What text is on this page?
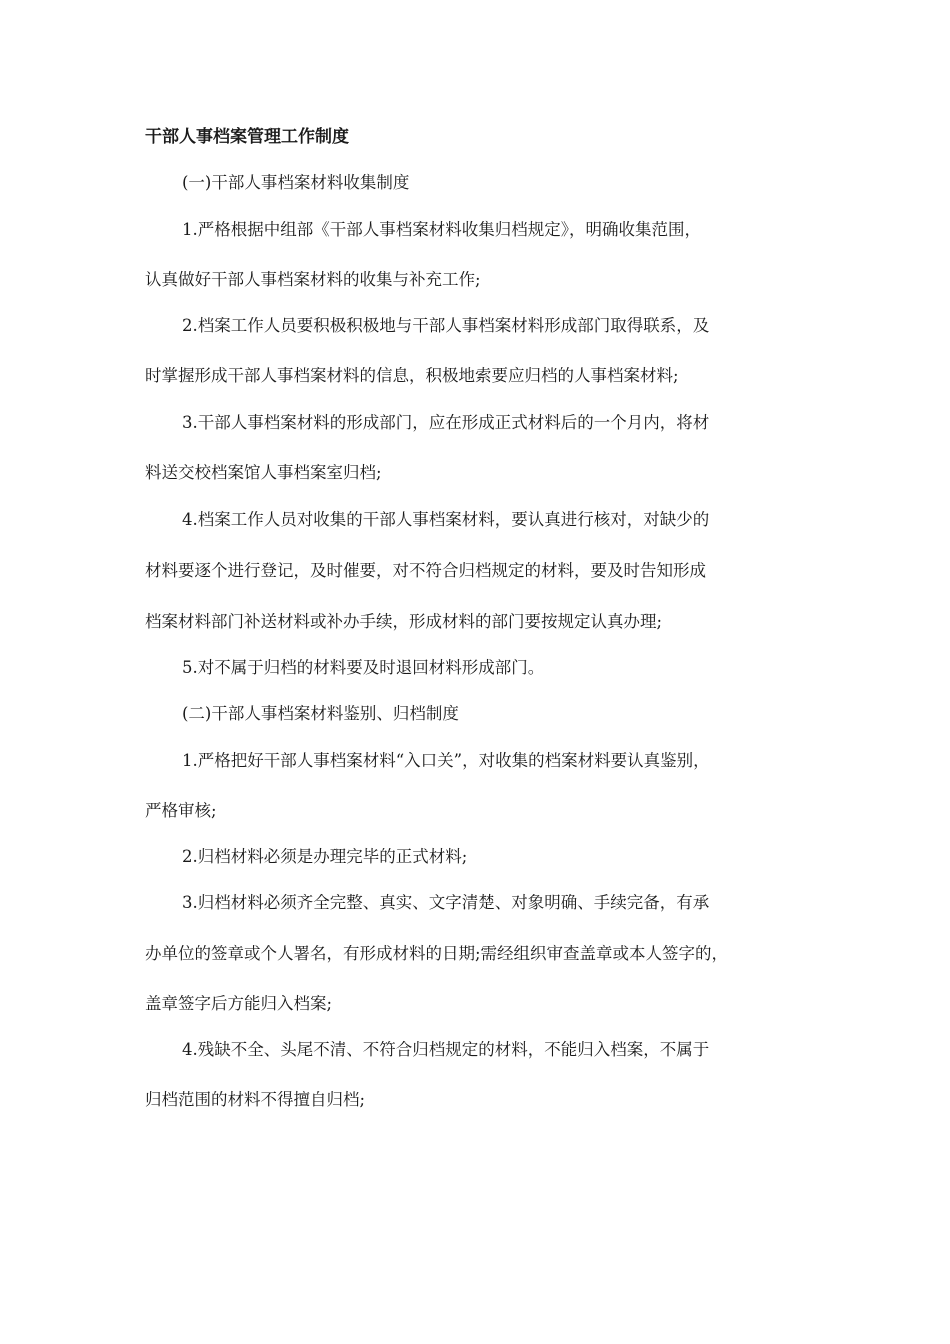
干部人事档案管理工作制度
(一)干部人事档案材料收集制度
1.严格根据中组部《干部人事档案材料收集归档规定》，明确收集范围，
认真做好干部人事档案材料的收集与补充工作;
2.档案工作人员要积极积极地与干部人事档案材料形成部门取得联系，及
时掌握形成干部人事档案材料的信息，积极地索要应归档的人事档案材料;
3.干部人事档案材料的形成部门，应在形成正式材料后的一个月内，将材
料送交校档案馆人事档案室归档;
4.档案工作人员对收集的干部人事档案材料，要认真进行核对，对缺少的
材料要逐个进行登记，及时催要，对不符合归档规定的材料，要及时告知形成
档案材料部门补送材料或补办手续，形成材料的部门要按规定认真办理;
5.对不属于归档的材料要及时退回材料形成部门。
(二)干部人事档案材料鉴别、归档制度
1.严格把好干部人事档案材料“入口关”，对收集的档案材料要认真鉴别，
严格审核;
2.归档材料必须是办理完毕的正式材料;
3.归档材料必须齐全完整、真实、文字清楚、对象明确、手续完备，有承
办单位的签章或个人署名，有形成材料的日期;需经组织审查盖章或本人签字的，
盖章签字后方能归入档案;
4.残缺不全、头尾不清、不符合归档规定的材料，不能归入档案，不属于
归档范围的材料不得擅自归档;
